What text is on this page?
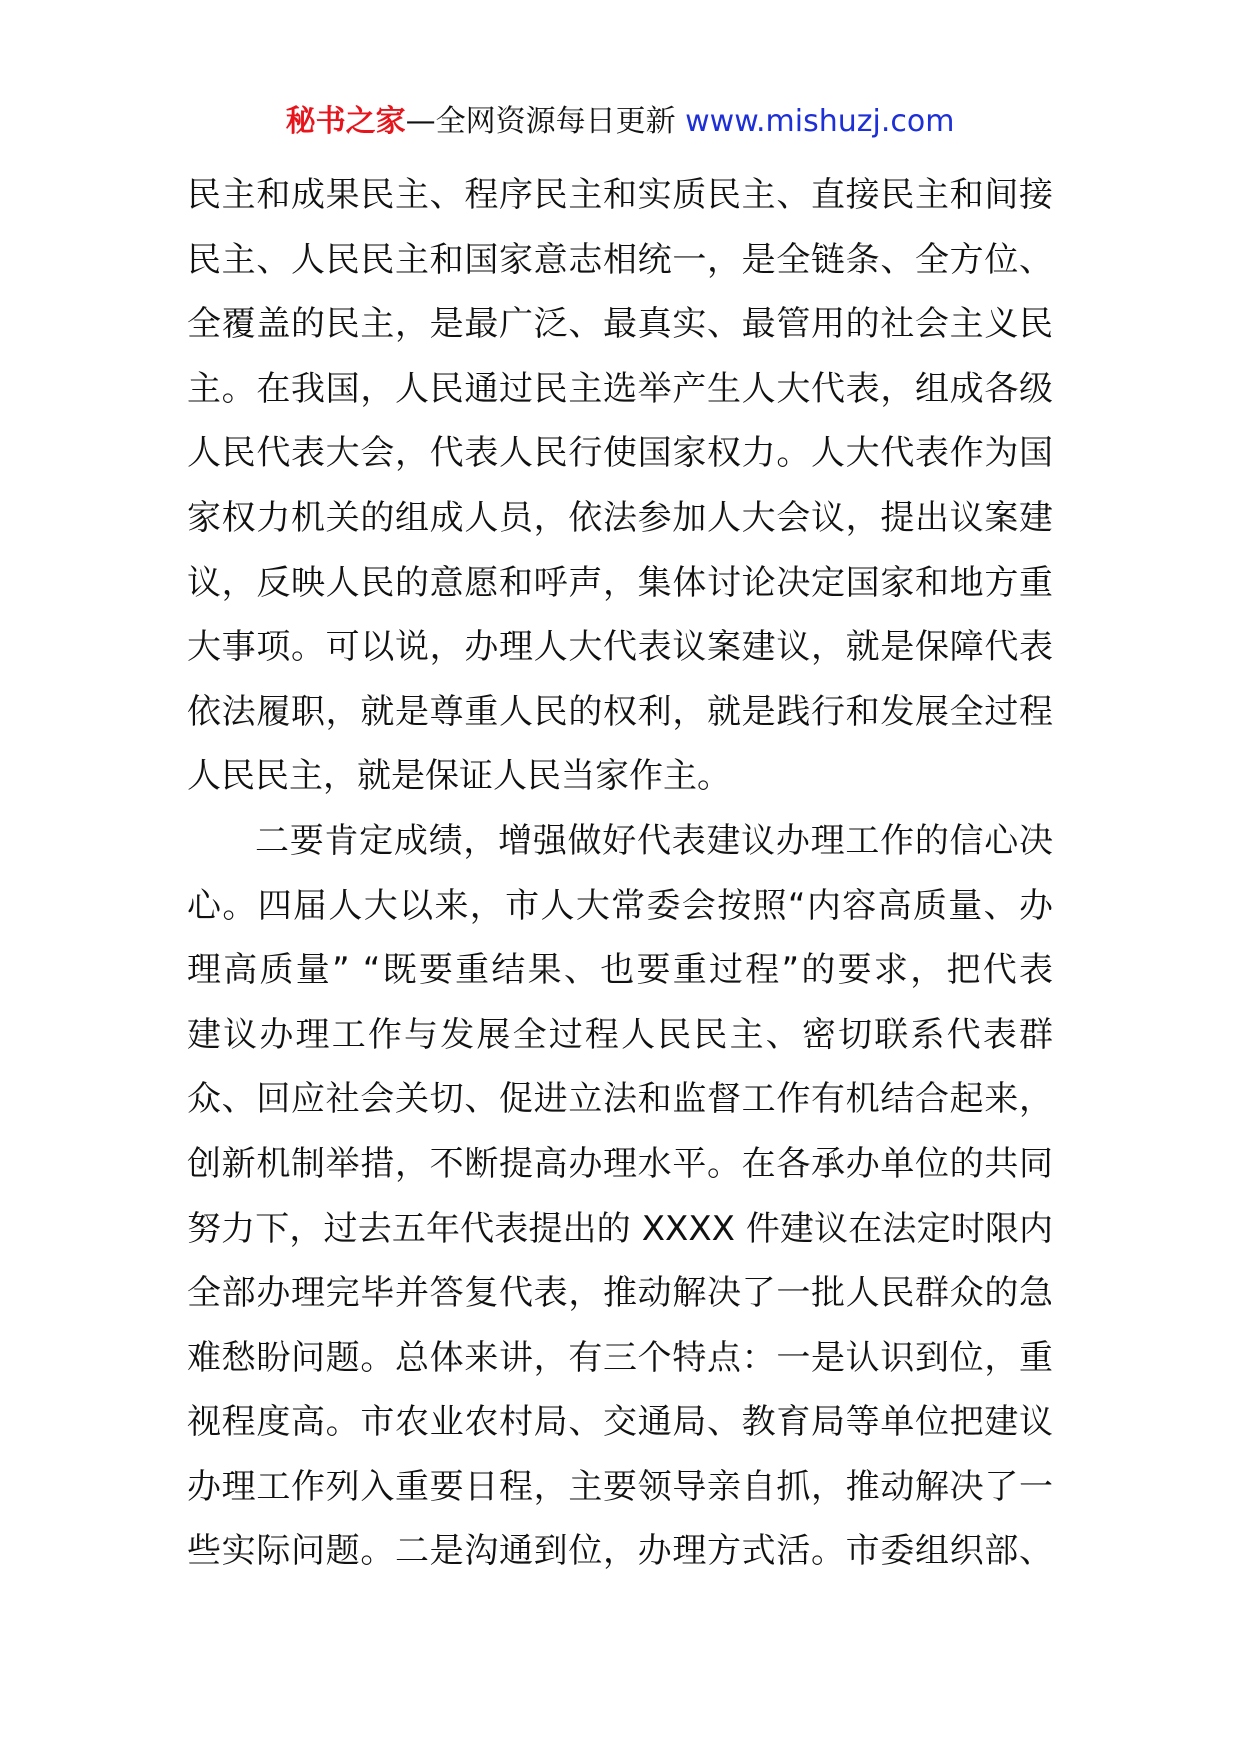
秘书之家—全网资源每日更新 www.mishuzj.com
民主和成果民主、程序民主和实质民主、直接民主和间接
民主、人民民主和国家意志相统一，是全链条、全方位、
全覆盖的民主，是最广泛、最真实、最管用的社会主义民
主。在我国，人民通过民主选举产生人大代表，组成各级
人民代表大会，代表人民行使国家权力。人大代表作为国
家权力机关的组成人员，依法参加人大会议，提出议案建
议，反映人民的意愿和呼声，集体讨论决定国家和地方重
大事项。可以说，办理人大代表议案建议，就是保障代表
依法履职，就是尊重人民的权利，就是践行和发展全过程
人民民主，就是保证人民当家作主。
二要肯定成绩，增强做好代表建议办理工作的信心决
心。四届人大以来，市人大常委会按照“内容高质量、办
理高质量” “既要重结果、也要重过程”的要求，把代表
建议办理工作与发展全过程人民民主、密切联系代表群
众、回应社会关切、促进立法和监督工作有机结合起来，
创新机制举措，不断提高办理水平。在各承办单位的共同
努力下，过去五年代表提出的 XXXX 件建议在法定时限内
全部办理完毕并答复代表，推动解决了一批人民群众的急
难愁盼问题。总体来讲，有三个特点：一是认识到位，重
视程度高。市农业农村局、交通局、教育局等单位把建议
办理工作列入重要日程，主要领导亲自抓，推动解决了一
些实际问题。二是沟通到位，办理方式活。市委组织部、
